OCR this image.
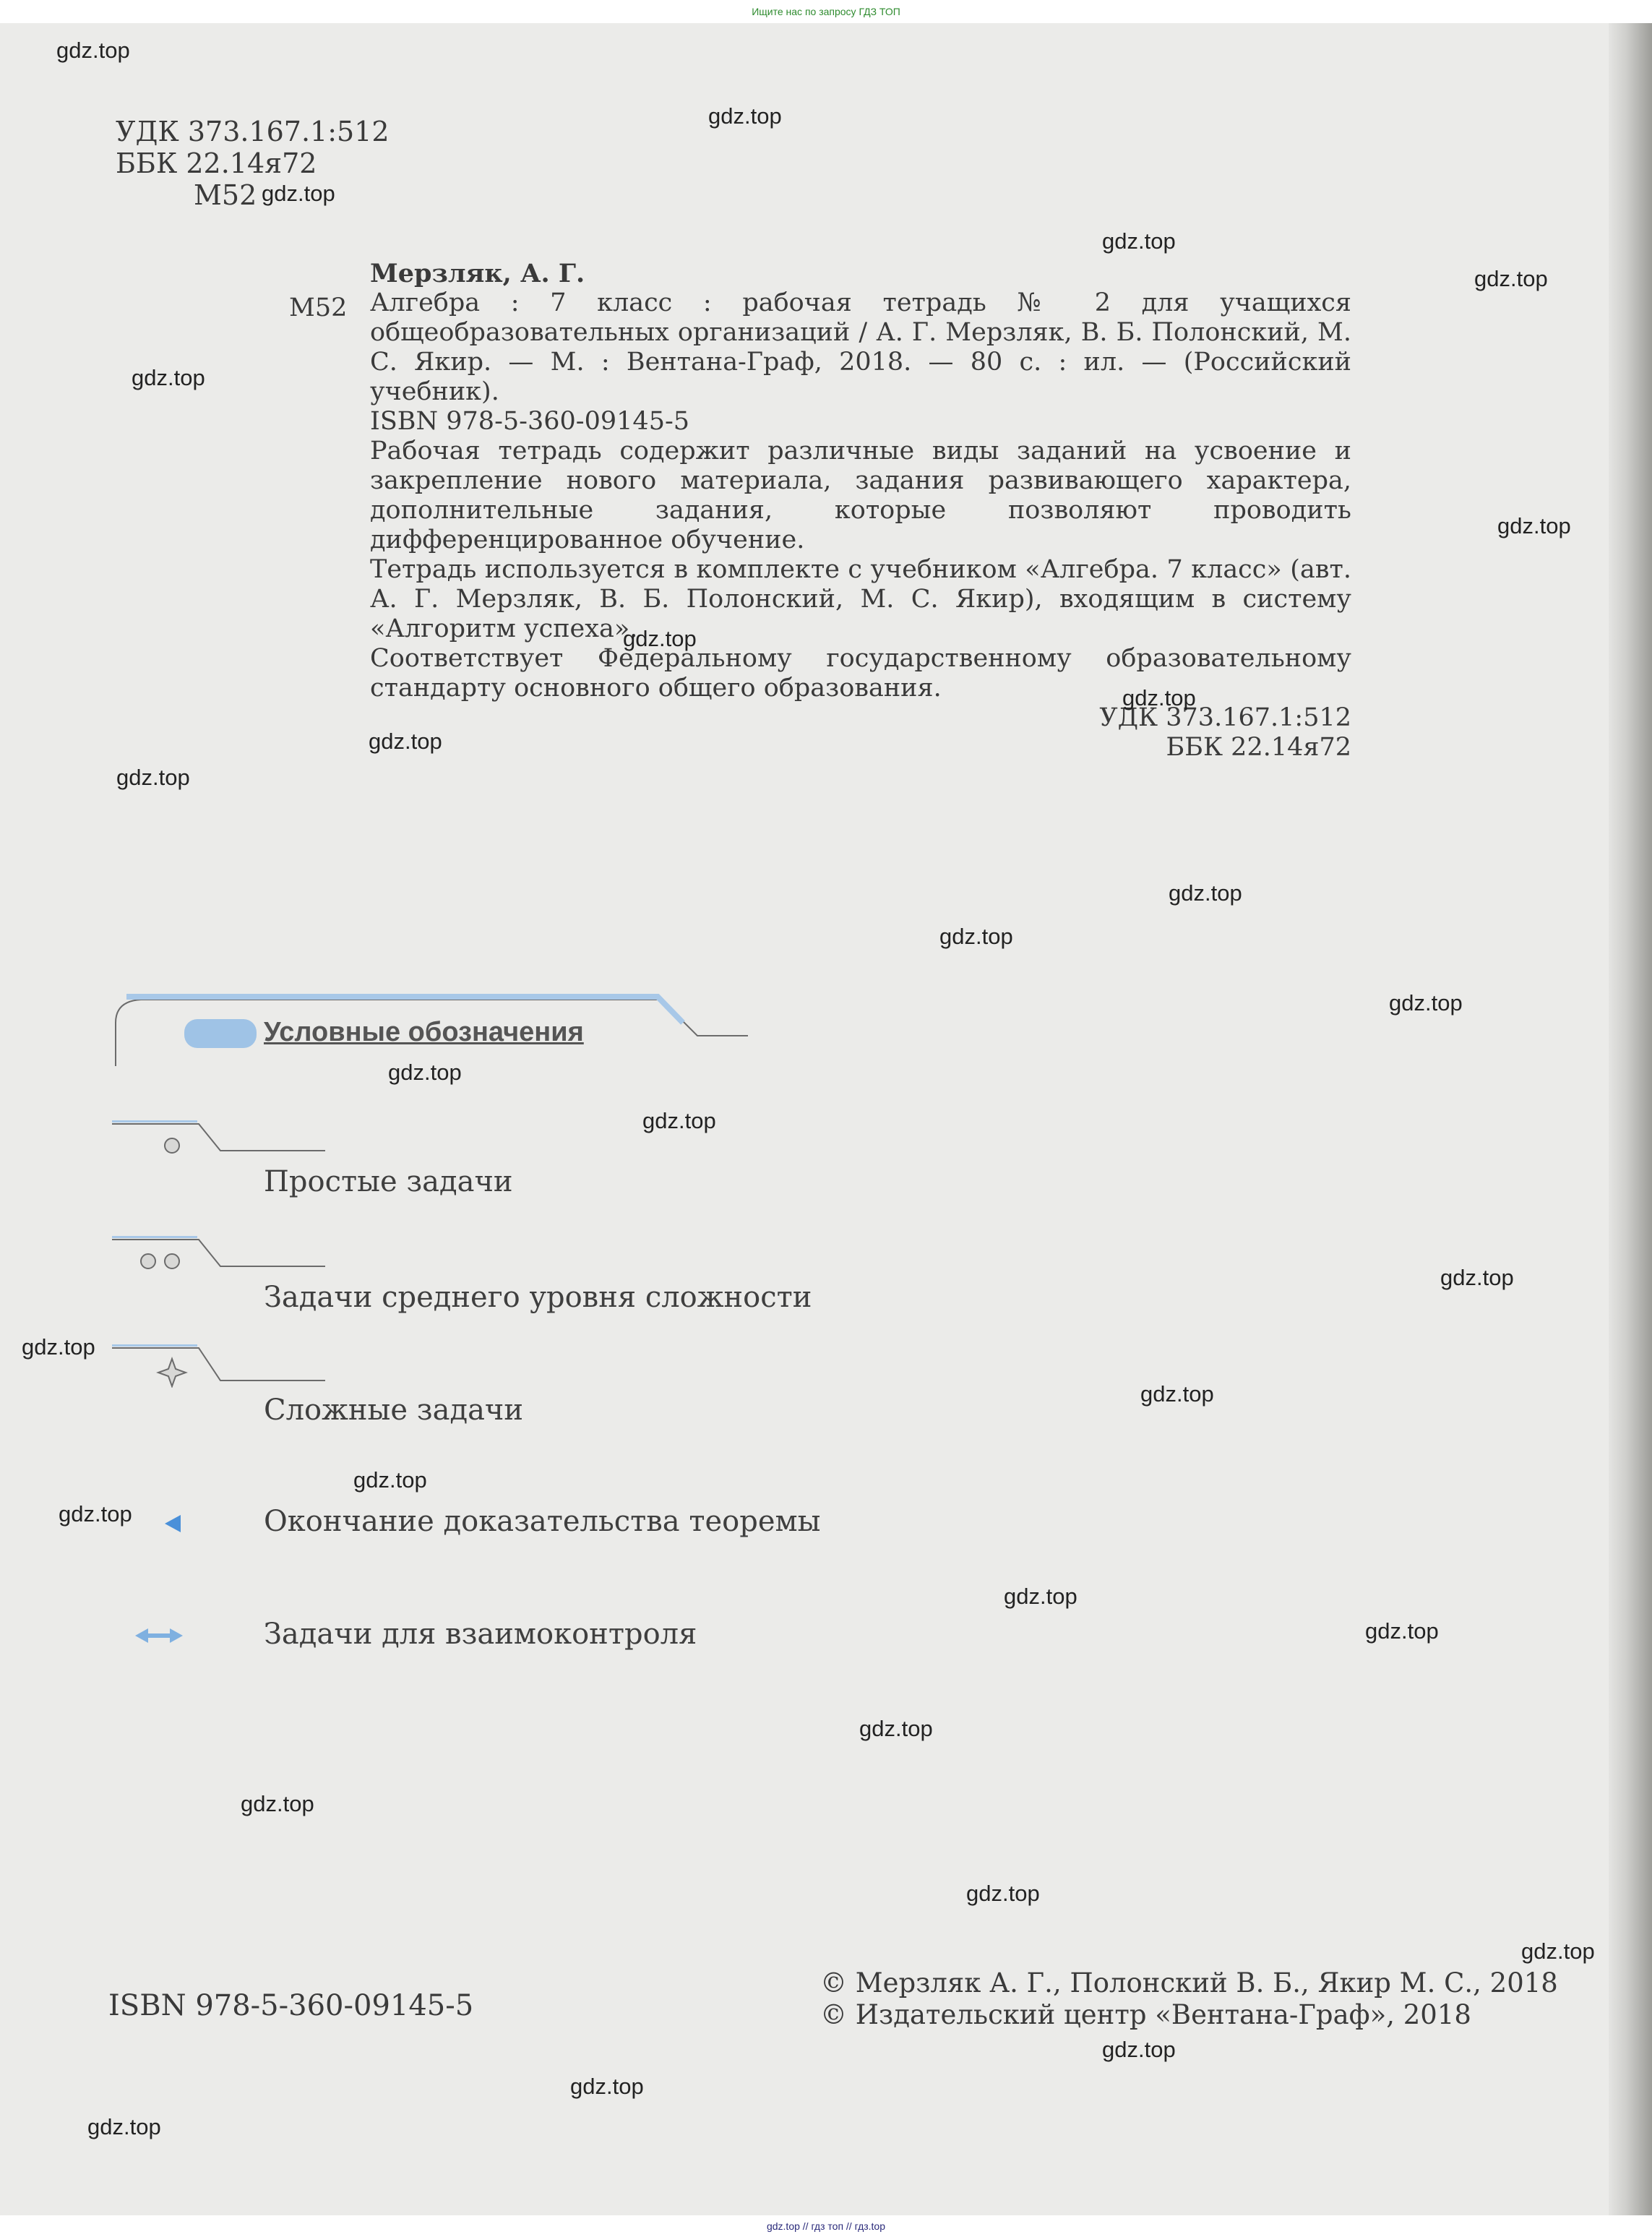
Ищите нас по запросу ГДЗ ТОП
УДК 373.167.1:512
ББК 22.14я72
М52
Мерзляк, А. Г.
М52 Алгебра : 7 класс : рабочая тетрадь № 2 для учащихся общеобразовательных организаций / А. Г. Мерзляк, В. Б. Полонский, М. С. Якир. — М. : Вентана-Граф, 2018. — 80 с. : ил. — (Российский учебник).

ISBN 978-5-360-09145-5

Рабочая тетрадь содержит различные виды заданий на усвоение и закрепление нового материала, задания развивающего характера, дополнительные задания, которые позволяют проводить дифференцированное обучение.

Тетрадь используется в комплекте с учебником «Алгебра. 7 класс» (авт. А. Г. Мерзляк, В. Б. Полонский, М. С. Якир), входящим в систему «Алгоритм успеха».

Соответствует Федеральному государственному образовательному стандарту основного общего образования.

УДК 373.167.1:512

ББК 22.14я72

Условные обозначения
Простые задачи
Задачи среднего уровня сложности
Сложные задачи
Окончание доказательства теоремы
Задачи для взаимоконтроля
ISBN 978-5-360-09145-5
© Мерзляк А. Г., Полонский В. Б., Якир М. С., 2018
© Издательский центр «Вентана-Граф», 2018
gdz.top
gdz.top
gdz.top
gdz.top
gdz.top
gdz.top
gdz.top
gdz.top
gdz.top
gdz.top
gdz.top
gdz.top
gdz.top
gdz.top
gdz.top
gdz.top
gdz.top
gdz.top
gdz.top
gdz.top
gdz.top
gdz.top
gdz.top
gdz.top
gdz.top
gdz.top
gdz.top
gdz.top
gdz.top
gdz.top
gdz.top // гдз топ // гдз.top
